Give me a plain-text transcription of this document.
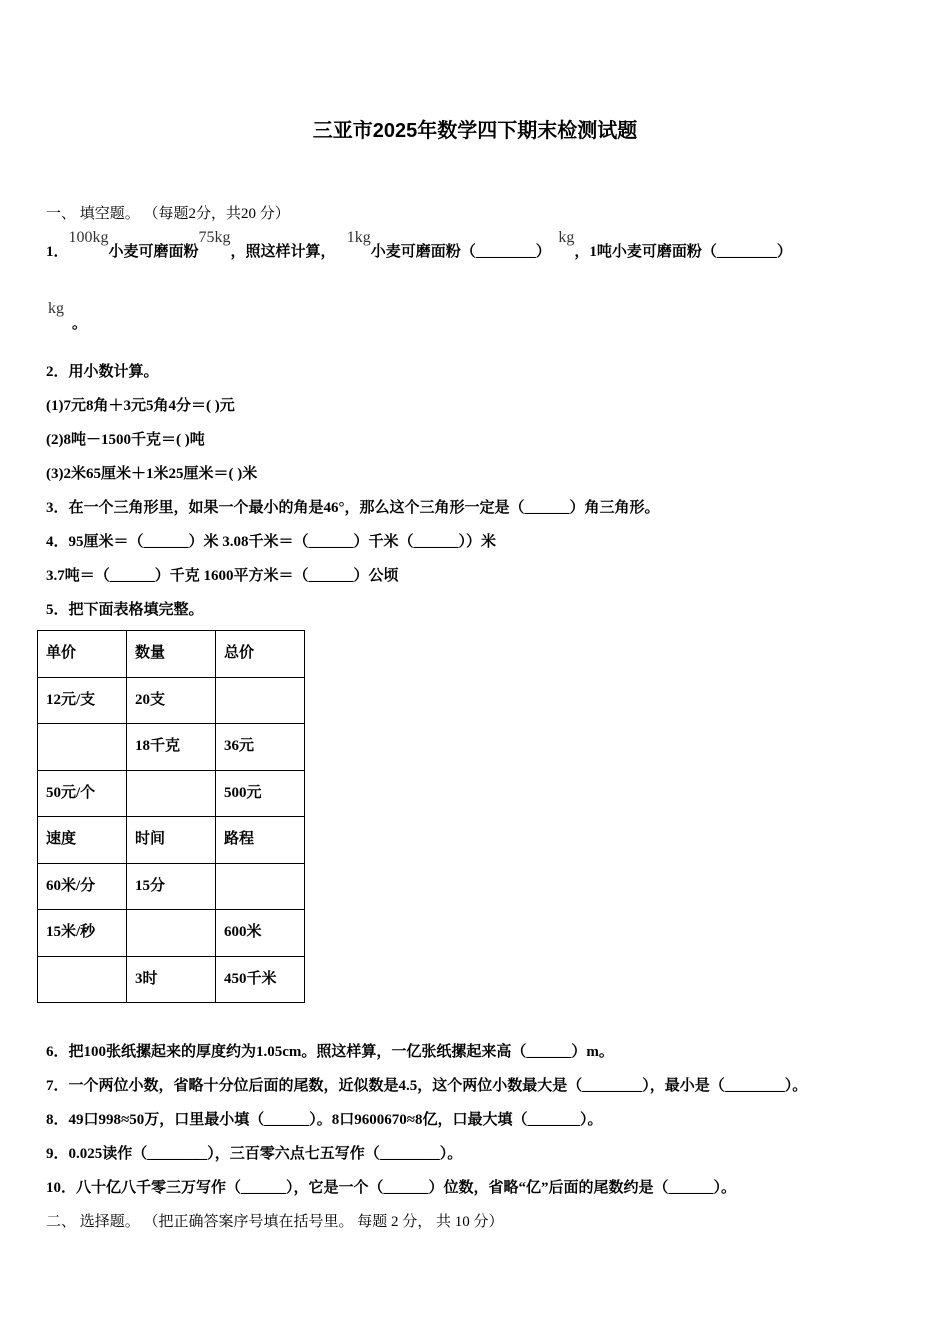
三亚市2025年数学四下期末检测试题
一、 填空题。 （每题2分，共20 分）
1．100kg小麦可磨面粉75kg，照这样计算，   1kg小麦可磨面粉（________）  kg，1吨小麦可磨面粉（________）
kg
。
2．用小数计算。
(1)7元8角＋3元5角4分＝( )元
(2)8吨－1500千克＝( )吨
(3)2米65厘米＋1米25厘米＝( )米
3．在一个三角形里，如果一个最小的角是46°，那么这个三角形一定是（______）角三角形。
4．95厘米＝（______）米 3.08千米＝（______）千米（______））米
3.7吨＝（______）千克 1600平方米＝（______）公顷
5．把下面表格填完整。
单价	数量	总价
12元/支	20支	
	18千克	36元
50元/个		500元
速度	时间	路程
60米/分	15分	
15米/秒		600米
	3时	450千米
6．把100张纸摞起来的厚度约为1.05cm。照这样算，一亿张纸摞起来高（______）m。
7．一个两位小数，省略十分位后面的尾数，近似数是4.5，这个两位小数最大是（________），最小是（________）。
8．49口998≈50万，口里最小填（______）。8口9600670≈8亿，口最大填（_______）。
9．0.025读作（________），三百零六点七五写作（________）。
10．八十亿八千零三万写作（______），它是一个（______）位数，省略“亿”后面的尾数约是（______）。
二、 选择题。 （把正确答案序号填在括号里。 每题 2 分， 共 10 分）
